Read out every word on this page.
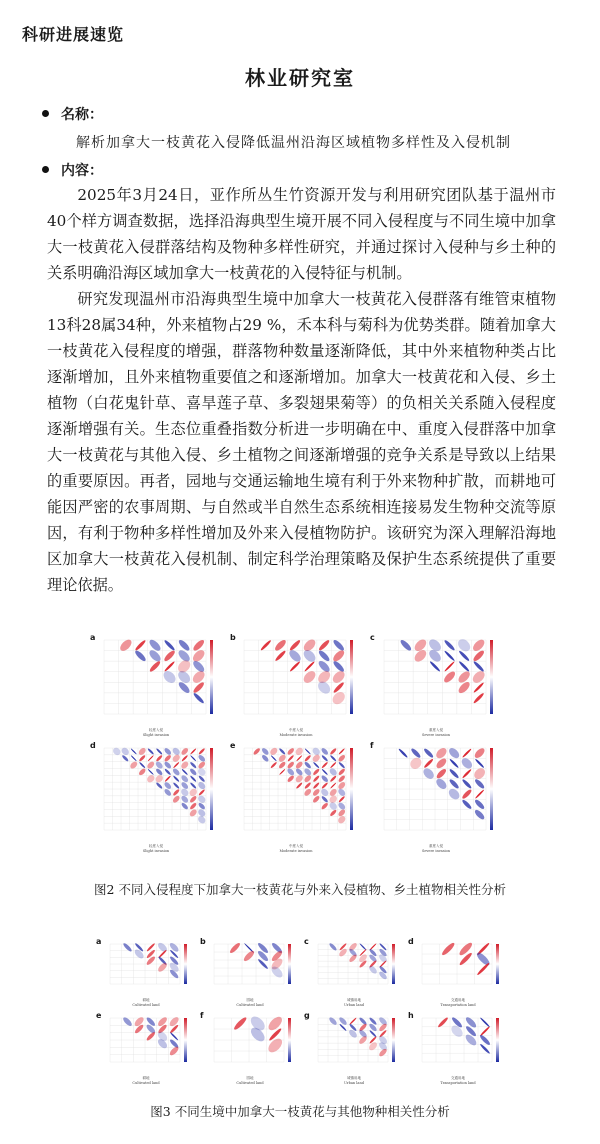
科研进展速览
林业研究室
名称：
解析加拿大一枝黄花入侵降低温州沿海区域植物多样性及入侵机制
内容：

2025年3月24日，亚作所丛生竹资源开发与利用研究团队基于温州市40个样方调查数据，选择沿海典型生境开展不同入侵程度与不同生境中加拿大一枝黄花入侵群落结构及物种多样性研究，并通过探讨入侵种与乡土种的关系明确沿海区域加拿大一枝黄花的入侵特征与机制。

研究发现温州市沿海典型生境中加拿大一枝黄花入侵群落有维管束植物13科28属34种，外来植物占29 %，禾本科与菊科为优势类群。随着加拿大一枝黄花入侵程度的增强，群落物种数量逐渐降低，其中外来植物种类占比逐渐增加，且外来植物重要值之和逐渐增加。加拿大一枝黄花和入侵、乡土植物（白花鬼针草、喜旱莲子草、多裂翅果菊等）的负相关关系随入侵程度逐渐增强有关。生态位重叠指数分析进一步明确在中、重度入侵群落中加拿大一枝黄花与其他入侵、乡土植物之间逐渐增强的竞争关系是导致以上结果的重要原因。再者，园地与交通运输地生境有利于外来物种扩散，而耕地可能因严密的农事周期、与自然或半自然生态系统相连接易发生物种交流等原因，有利于物种多样性增加及外来入侵植物防护。该研究为深入理解沿海地区加拿大一枝黄花入侵机制、制定科学治理策略及保护生态系统提供了重要理论依据。

a
轻度入侵
Slight invasion
b
中度入侵
Moderate invasion
c
重度入侵
Severe invasion
d
轻度入侵
Slight invasion
e
中度入侵
Moderate invasion
f
重度入侵
Severe invasion
图2 不同入侵程度下加拿大一枝黄花与外来入侵植物、乡土植物相关性分析
a
耕地
Cultivated land
b
园地
Cultivated land
c
城镇用地
Urban land
d
交通用地
Transportation land
e
耕地
Cultivated land
f
园地
Cultivated land
g
城镇用地
Urban land
h
交通用地
Transportation land
图3 不同生境中加拿大一枝黄花与其他物种相关性分析
